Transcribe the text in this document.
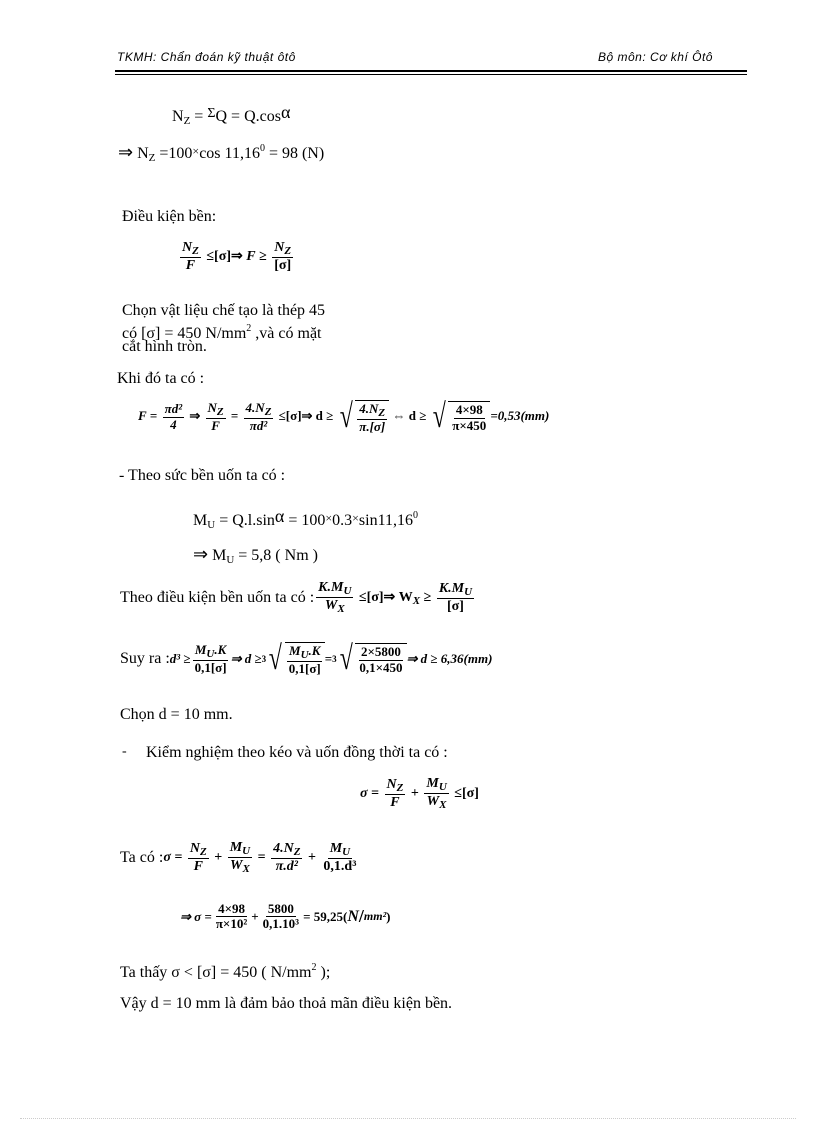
TKMH: Chẩn đoán kỹ thuật ôtô	Bộ môn: Cơ khí Ôtô
$N_Z = \Sigma Q = Q.\cos\alpha$
⇒ $N_Z =100\times\cos$ $11,16^0 = 98$ (N)
Điều kiện bền:
$\frac{N_Z}{F}$ ≤[σ]⇒ $F \ge \frac{N_Z}{[\sigma]}$
Chọn vật liệu chế tạo là thép 45
có [σ] = 450 $N/mm^2$ ,và có mặt
cắt hình tròn.
Khi đó ta có :
$F = \frac{\text{πd²}}{4}$ ⇒ $\frac{N_Z}{F} = \frac{4.N_Z}{\text{πd²}}$ ≤[σ]⇒ d ≥ √ $\frac{4.N_Z}{\pi.[\sigma]}$ ⇔ d ≥ √ $\frac{4\times 98}{\pi\times 450} =0,53(mm)$
- Theo sức bền uốn ta có :
$M_U = Q.l.\sin\alpha = 100\times 0.3\times\sin 11,16^0$
⇒ $M_U = 5,8$ ( Nm )
Theo điều kiện bền uốn ta có : $\frac{K.M_U}{W_X}$ ≤[σ]⇒ $W_X \ge \frac{K.M_U}{[\sigma]}$
Suy ra : $d^3 \ge \frac{M_U.K}{0,1[\sigma]}$ ⇒ d ≥ 3 √ $\frac{M_U.K}{0,1[\sigma]} = 3$ √ $\frac{2\times 5800}{0,1\times 450}$ ⇒ d ≥ 6,36(mm)
Chọn d = 10 mm.
- Kiểm nghiệm theo kéo và uốn đồng thời ta có :
$\sigma = \frac{N_Z}{F} + \frac{M_U}{W_X} \le[\sigma]$
Ta có : $\sigma = \frac{N_Z}{F} + \frac{M_U}{W_X} = \frac{4.N_Z}{\text{π.d²}} + \frac{M_U}{\text{0,1.d³}}$
⇒ $\sigma = \frac{4\times 98}{\text{π×10²}} + \frac{5800}{\text{0,1.10³}} = 59,25$( N / mm² )
Ta thấy σ < [σ] = 450 ( $N/mm^2$ );
Vậy d = 10 mm là đảm bảo thoả mãn điều kiện bền.
